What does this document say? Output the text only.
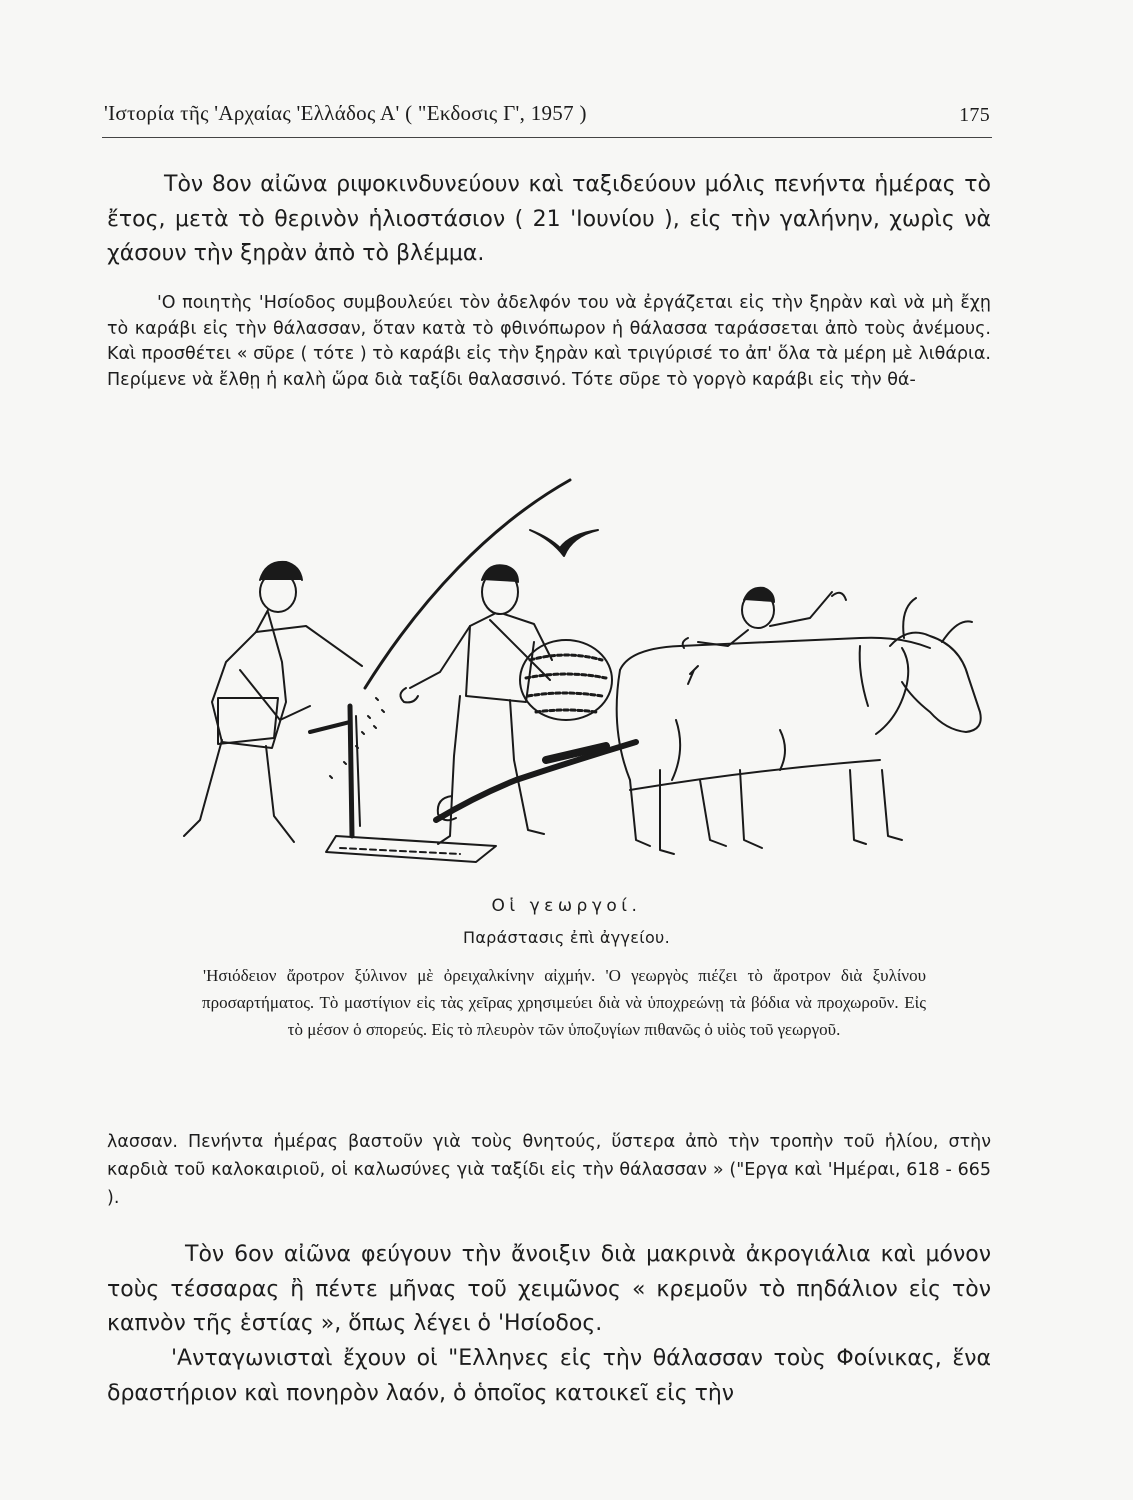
'Ιστορία τῆς 'Αρχαίας 'Ελλάδος Α' ( "Εκδοσις Γ', 1957 )	175

Τὸν 8ον αἰῶνα ριψοκινδυνεύουν καὶ ταξιδεύουν μόλις πενήντα ἡμέρας τὸ ἔτος, μετὰ τὸ θερινὸν ἡλιοστάσιον ( 21 'Ιουνίου ), εἰς τὴν γαλήνην, χωρὶς νὰ χάσουν τὴν ξηρὰν ἀπὸ τὸ βλέμμα.

'Ο ποιητὴς 'Ησίοδος συμβουλεύει τὸν ἀδελφόν του νὰ ἐργάζεται εἰς τὴν ξηρὰν καὶ νὰ μὴ ἔχῃ τὸ καράβι εἰς τὴν θάλασσαν, ὅταν κατὰ τὸ φθινόπωρον ἡ θάλασσα ταράσσεται ἀπὸ τοὺς ἀνέμους. Καὶ προσθέτει « σῦρε ( τότε ) τὸ καράβι εἰς τὴν ξηρὰν καὶ τριγύρισέ το ἀπ' ὅλα τὰ μέρη μὲ λιθάρια. Περίμενε νὰ ἔλθῃ ἡ καλὴ ὥρα διὰ ταξίδι θαλασσινό. Τότε σῦρε τὸ γοργὸ καράβι εἰς τὴν θά-

Οἱ γεωργοί.
Παράστασις ἐπὶ ἀγγείου.

'Ησιόδειον ἄροτρον ξύλινον μὲ ὀρειχαλκίνην αἰχμήν. 'Ο γεωργὸς πιέζει τὸ ἄροτρον διὰ ξυλίνου προσαρτήματος. Τὸ μαστίγιον εἰς τὰς χεῖρας χρησιμεύει διὰ νὰ ὑποχρεώνῃ τὰ βόδια νὰ προχωροῦν. Εἰς τὸ μέσον ὁ σπορεύς. Εἰς τὸ πλευρὸν τῶν ὑποζυγίων πιθανῶς ὁ υἱὸς τοῦ γεωργοῦ.

λασσαν. Πενήντα ἡμέρας βαστοῦν γιὰ τοὺς θνητούς, ὕστερα ἀπὸ τὴν τροπὴν τοῦ ἡλίου, στὴν καρδιὰ τοῦ καλοκαιριοῦ, οἱ καλωσύνες γιὰ ταξίδι εἰς τὴν θάλασσαν » ("Εργα καὶ 'Ημέραι, 618 - 665 ).

Τὸν 6ον αἰῶνα φεύγουν τὴν ἄνοιξιν διὰ μακρινὰ ἀκρογιάλια καὶ μόνον τοὺς τέσσαρας ἢ πέντε μῆνας τοῦ χειμῶνος « κρεμοῦν τὸ πηδάλιον εἰς τὸν καπνὸν τῆς ἑστίας », ὅπως λέγει ὁ 'Ησίοδος.

'Ανταγωνισταὶ ἔχουν οἱ "Ελληνες εἰς τὴν θάλασσαν τοὺς Φοίνικας, ἕνα δραστήριον καὶ πονηρὸν λαόν, ὁ ὁποῖος κατοικεῖ εἰς τὴν
